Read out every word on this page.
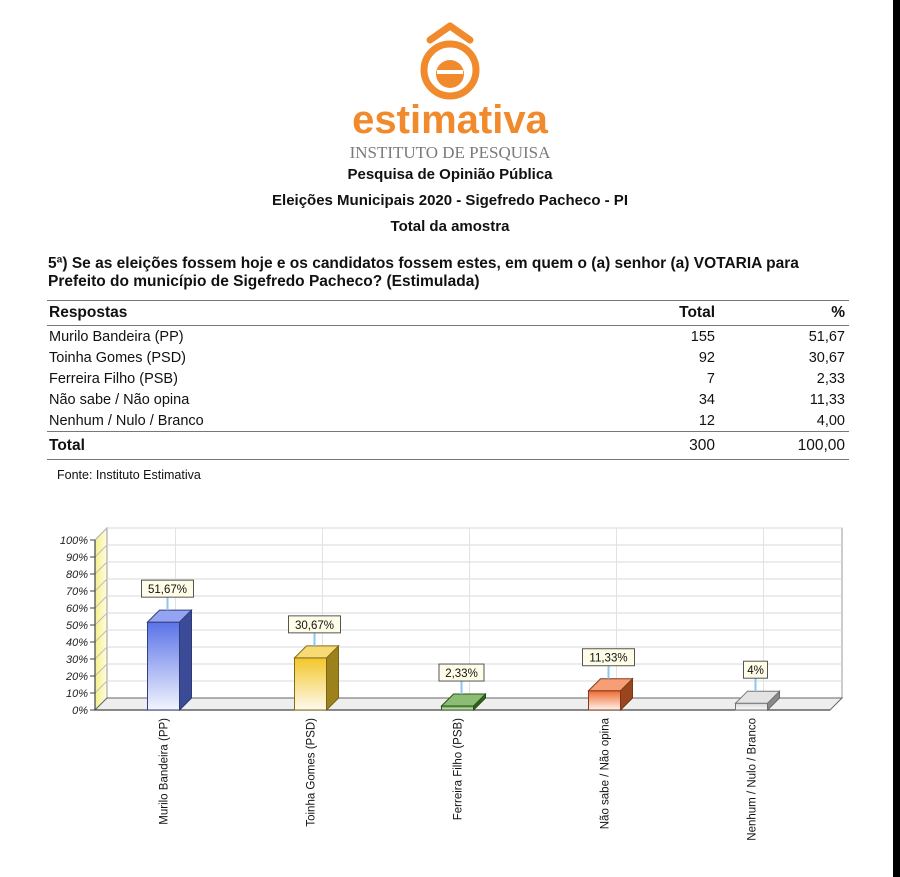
estimativa
INSTITUTO DE PESQUISA
Pesquisa de Opinião Pública
Eleições Municipais 2020 - Sigefredo Pacheco - PI
Total da amostra
5ª) Se as eleições fossem hoje e os candidatos fossem estes, em quem o (a) senhor (a) VOTARIA para Prefeito do município de Sigefredo Pacheco? (Estimulada)
Respostas	Total	%
Murilo Bandeira (PP)	155	51,67
Toinha Gomes (PSD)	92	30,67
Ferreira Filho (PSB)	7	2,33
Não sabe / Não opina	34	11,33
Nenhum / Nulo / Branco	12	4,00
Total	300	100,00
Fonte: Instituto Estimativa
0%
10%
20%
30%
40%
50%
60%
70%
80%
90%
100%
51,67%
Murilo Bandeira (PP)
30,67%
Toinha Gomes (PSD)
2,33%
Ferreira Filho (PSB)
11,33%
Não sabe / Não opina
4%
Nenhum / Nulo / Branco
